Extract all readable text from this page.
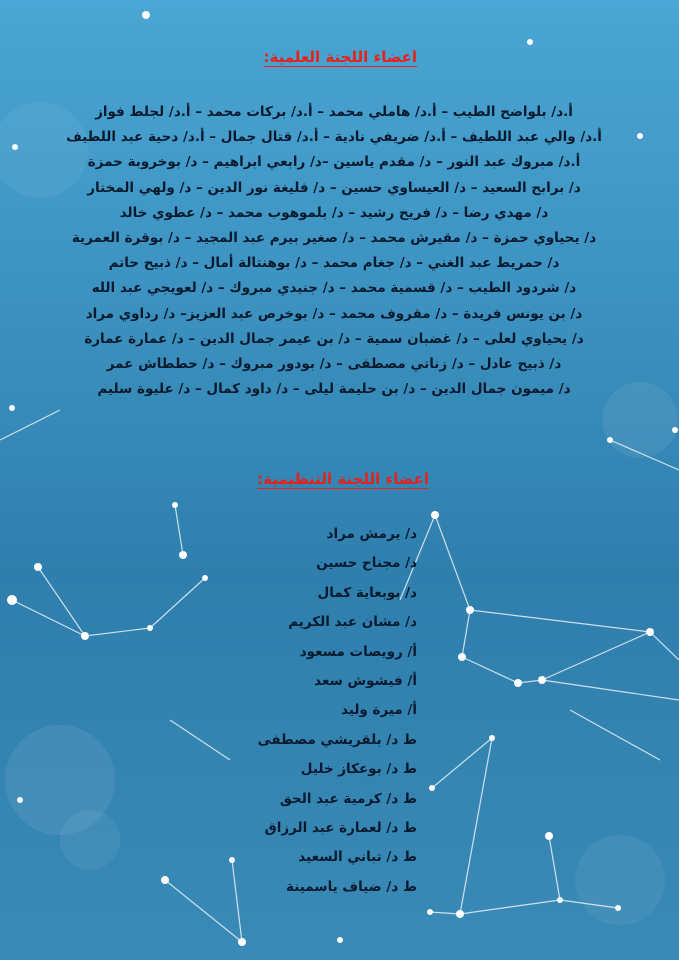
اعضاء اللجنة العلمية:
أ.د/ بلواضح الطيب – أ.د/ هاملي محمد – أ.د/ بركات محمد – أ.د/ لجلط فواز
أ.د/ والي عبد اللطيف – أ.د/ ضريفي نادية – أ.د/ قتال جمال – أ.د/ دحية عبد اللطيف
أ.د/ مبروك عبد النور – د/ مقدم ياسين –د/ رابعي ابراهيم – د/ بوخروبة حمزة
د/ برابح السعيد – د/ العيساوي حسين – د/ فليغة نور الدين – د/ ولهي المختار
د/ مهدي رضا – د/ فريح رشيد – د/ بلموهوب محمد – د/ عطوي خالد
د/ يحياوي حمزة – د/ مقيرش محمد – د/ صغير بيرم عبد المجيد – د/ بوقرة العمرية
د/ حمريط عبد الغني – د/ جغام محمد – د/ بوهنتالة أمال – د/ ذبيح حاتم
د/ شردود الطيب – د/ قسمية محمد – د/ جنيدي مبروك – د/ لعويجي عبد الله
د/ بن يونس فريدة – د/ مقروف محمد – د/ بوخرص عبد العزيز– د/ رداوي مراد
د/ يحياوي لعلى – د/ غضبان سمية – د/ بن عيمر جمال الدين – د/ عمارة عمارة
د/ ذبيح عادل – د/ زناتي مصطفى – د/ بودور مبروك – د/ حططاش عمر
د/ ميمون جمال الدين – د/ بن حليمة ليلى – د/ داود كمال – د/ عليوة سليم
اعضاء اللجنة التنظيمية:
د/ يرمش مراد
د/ مجناح حسين
د/ بوبعاية كمال
د/ مشان عبد الكريم
أ/ رويصات مسعود
أ/ فيشوش سعد
أ/ ميرة وليد
ط د/ بلقريشي مصطفى
ط د/ بوعكاز خليل
ط د/ كرمية عبد الحق
ط د/ لعمارة عبد الرزاق
ط د/ تباني السعيد
ط د/ ضياف ياسمينة
